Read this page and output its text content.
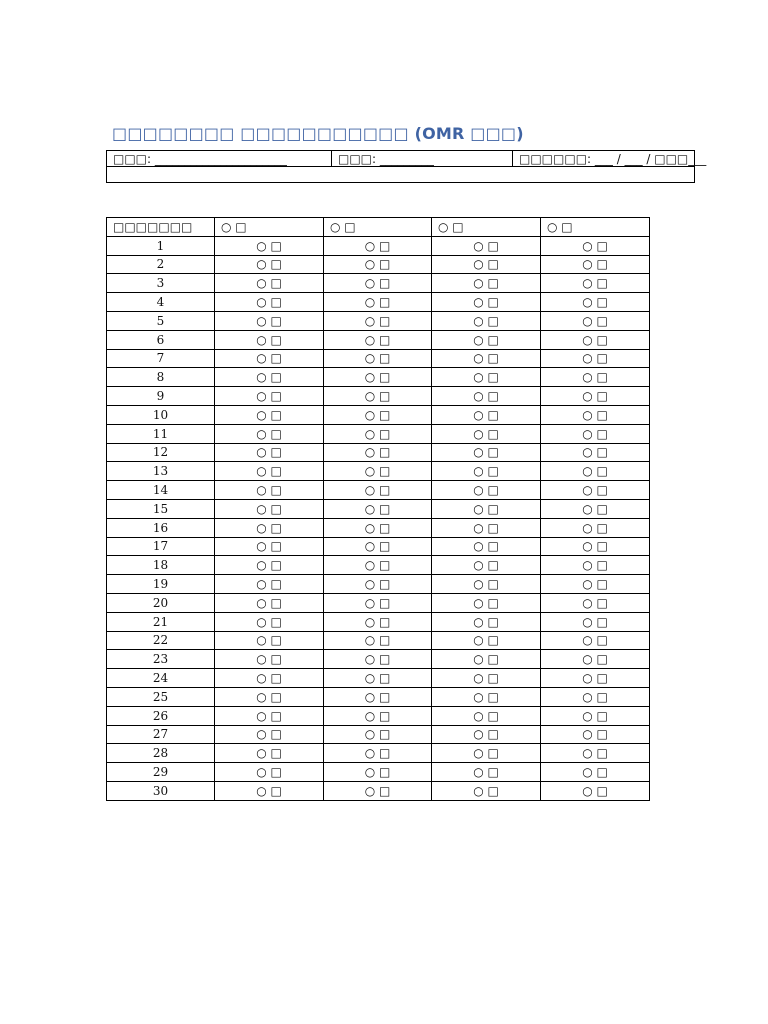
□□□□□□□□ □□□□□□□□□□□ (OMR □□□)
□□□: ______________________	□□□: _________	□□□□□□: ___ / ___ / □□□___

□□□□□□□	○ □	○ □	○ □	○ □
1	○ □	○ □	○ □	○ □
2	○ □	○ □	○ □	○ □
3	○ □	○ □	○ □	○ □
4	○ □	○ □	○ □	○ □
5	○ □	○ □	○ □	○ □
6	○ □	○ □	○ □	○ □
7	○ □	○ □	○ □	○ □
8	○ □	○ □	○ □	○ □
9	○ □	○ □	○ □	○ □
10	○ □	○ □	○ □	○ □
11	○ □	○ □	○ □	○ □
12	○ □	○ □	○ □	○ □
13	○ □	○ □	○ □	○ □
14	○ □	○ □	○ □	○ □
15	○ □	○ □	○ □	○ □
16	○ □	○ □	○ □	○ □
17	○ □	○ □	○ □	○ □
18	○ □	○ □	○ □	○ □
19	○ □	○ □	○ □	○ □
20	○ □	○ □	○ □	○ □
21	○ □	○ □	○ □	○ □
22	○ □	○ □	○ □	○ □
23	○ □	○ □	○ □	○ □
24	○ □	○ □	○ □	○ □
25	○ □	○ □	○ □	○ □
26	○ □	○ □	○ □	○ □
27	○ □	○ □	○ □	○ □
28	○ □	○ □	○ □	○ □
29	○ □	○ □	○ □	○ □
30	○ □	○ □	○ □	○ □
